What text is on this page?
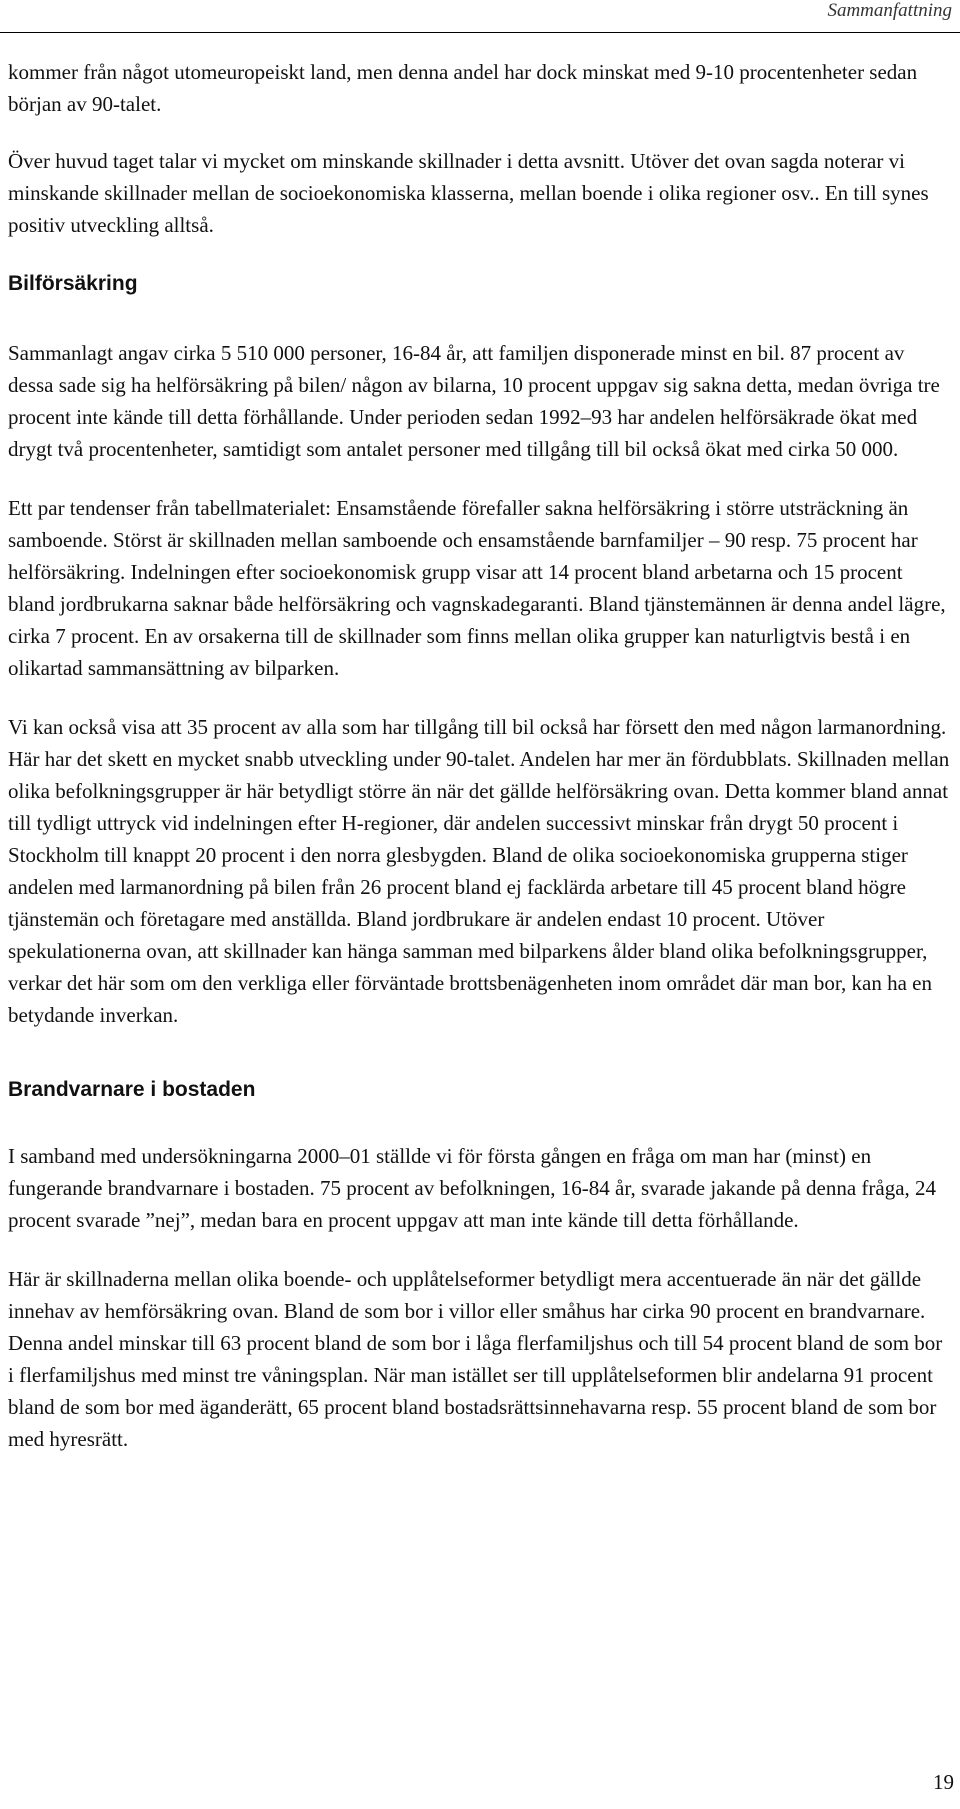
Sammanfattning

kommer från något utomeuropeiskt land, men denna andel har dock minskat med 9-10 procentenheter sedan början av 90-talet.

Över huvud taget talar vi mycket om minskande skillnader i detta avsnitt. Utöver det ovan sagda noterar vi minskande skillnader mellan de socioekonomiska klasserna, mellan boende i olika regioner osv.. En till synes positiv utveckling alltså.

Bilförsäkring

Sammanlagt angav cirka 5 510 000 personer, 16-84 år, att familjen disponerade minst en bil. 87 procent av dessa sade sig ha helförsäkring på bilen/ någon av bilarna, 10 procent uppgav sig sakna detta, medan övriga tre procent inte kände till detta förhållande. Under perioden sedan 1992–93 har andelen helförsäkrade ökat med drygt två procentenheter, samtidigt som antalet personer med tillgång till bil också ökat med cirka 50 000.

Ett par tendenser från tabellmaterialet: Ensamstående förefaller sakna helförsäkring i större utsträckning än samboende. Störst är skillnaden mellan samboende och ensamstående barnfamiljer – 90 resp. 75 procent har helförsäkring. Indelningen efter socioekonomisk grupp visar att 14 procent bland arbetarna och 15 procent bland jordbrukarna saknar både helförsäkring och vagnskadegaranti. Bland tjänstemännen är denna andel lägre, cirka 7 procent. En av orsakerna till de skillnader som finns mellan olika grupper kan naturligtvis bestå i en olikartad sammansättning av bilparken.

Vi kan också visa att 35 procent av alla som har tillgång till bil också har försett den med någon larmanordning. Här har det skett en mycket snabb utveckling under 90-talet. Andelen har mer än fördubblats. Skillnaden mellan olika befolkningsgrupper är här betydligt större än när det gällde helförsäkring ovan. Detta kommer bland annat till tydligt uttryck vid indelningen efter H-regioner, där andelen successivt minskar från drygt 50 procent i Stockholm till knappt 20 procent i den norra glesbygden. Bland de olika socioekonomiska grupperna stiger andelen med larmanordning på bilen från 26 procent bland ej facklärda arbetare till 45 procent bland högre tjänstemän och företagare med anställda. Bland jordbrukare är andelen endast 10 procent. Utöver spekulationerna ovan, att skillnader kan hänga samman med bilparkens ålder bland olika befolkningsgrupper, verkar det här som om den verkliga eller förväntade brottsbenägenheten inom området där man bor, kan ha en betydande inverkan.

Brandvarnare i bostaden

I samband med undersökningarna 2000–01 ställde vi för första gången en fråga om man har (minst) en fungerande brandvarnare i bostaden. 75 procent av befolkningen, 16-84 år, svarade jakande på denna fråga, 24 procent svarade ”nej”, medan bara en procent uppgav att man inte kände till detta förhållande.

Här är skillnaderna mellan olika boende- och upplåtelseformer betydligt mera accentuerade än när det gällde innehav av hemförsäkring ovan. Bland de som bor i villor eller småhus har cirka 90 procent en brandvarnare. Denna andel minskar till 63 procent bland de som bor i låga flerfamiljshus och till 54 procent bland de som bor i flerfamiljshus med minst tre våningsplan. När man istället ser till upplåtelseformen blir andelarna 91 procent bland de som bor med äganderätt, 65 procent bland bostadsrättsinnehavarna resp. 55 procent bland de som bor med hyresrätt.

19
